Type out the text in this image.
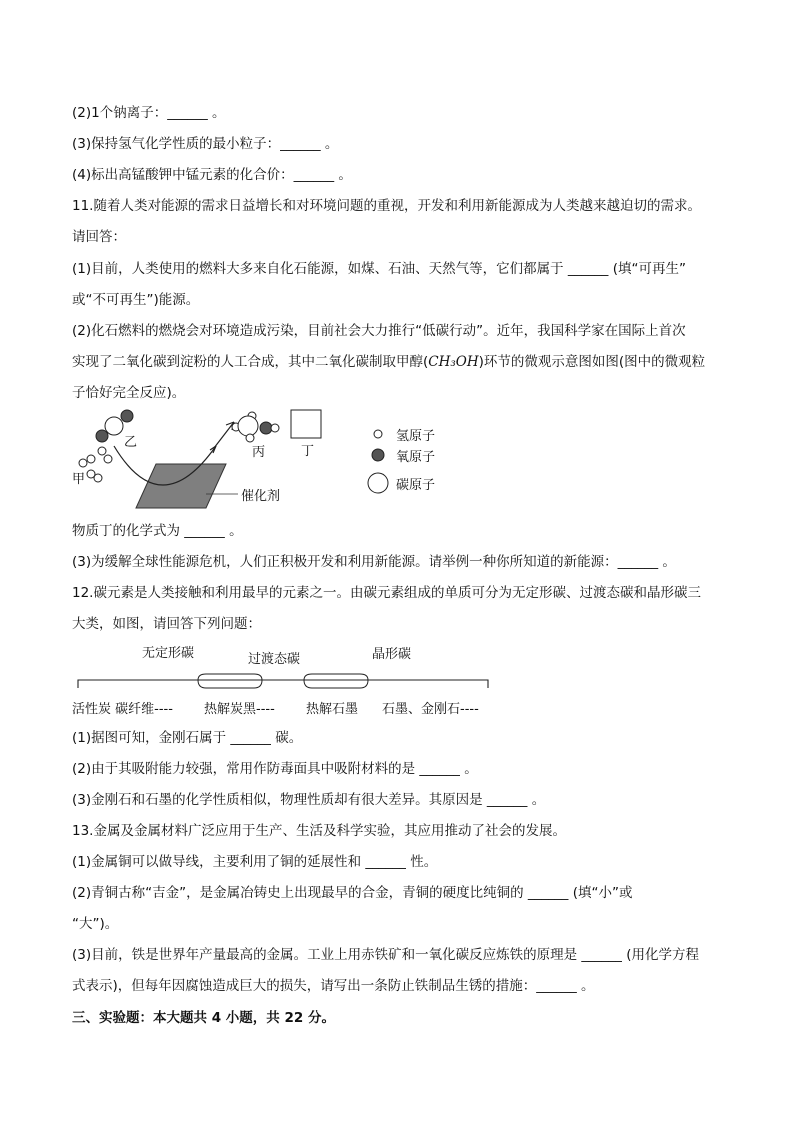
(2)1个钠离子：______ 。
(3)保持氢气化学性质的最小粒子：______ 。
(4)标出高锰酸钾中锰元素的化合价：______ 。
11.随着人类对能源的需求日益增长和对环境问题的重视，开发和利用新能源成为人类越来越迫切的需求。
请回答：
(1)目前，人类使用的燃料大多来自化石能源，如煤、石油、天然气等，它们都属于 ______ (填“可再生”
或“不可再生”)能源。
(2)化石燃料的燃烧会对环境造成污染，目前社会大力推行“低碳行动”。近年，我国科学家在国际上首次
实现了二氧化碳到淀粉的人工合成，其中二氧化碳制取甲醇(CH₃OH)环节的微观示意图如图(图中的微观粒
子恰好完全反应)。
乙
甲
丙	丁
催化剂
氢原子
氧原子
碳原子
物质丁的化学式为 ______ 。
(3)为缓解全球性能源危机，人们正积极开发和利用新能源。请举例一种你所知道的新能源：______ 。
12.碳元素是人类接触和利用最早的元素之一。由碳元素组成的单质可分为无定形碳、过渡态碳和晶形碳三
大类，如图，请回答下列问题：
无定形碳	过渡态碳	晶形碳
活性炭 碳纤维---- 热解炭黑---- 热解石墨 石墨、金刚石----
(1)据图可知，金刚石属于 ______ 碳。
(2)由于其吸附能力较强，常用作防毒面具中吸附材料的是 ______ 。
(3)金刚石和石墨的化学性质相似，物理性质却有很大差异。其原因是 ______ 。
13.金属及金属材料广泛应用于生产、生活及科学实验，其应用推动了社会的发展。
(1)金属铜可以做导线，主要利用了铜的延展性和 ______ 性。
(2)青铜古称“吉金”，是金属冶铸史上出现最早的合金，青铜的硬度比纯铜的 ______ (填“小”或
“大”)。
(3)目前，铁是世界年产量最高的金属。工业上用赤铁矿和一氧化碳反应炼铁的原理是 ______ (用化学方程
式表示)，但每年因腐蚀造成巨大的损失，请写出一条防止铁制品生锈的措施：______ 。
三、实验题：本大题共 4 小题，共 22 分。
